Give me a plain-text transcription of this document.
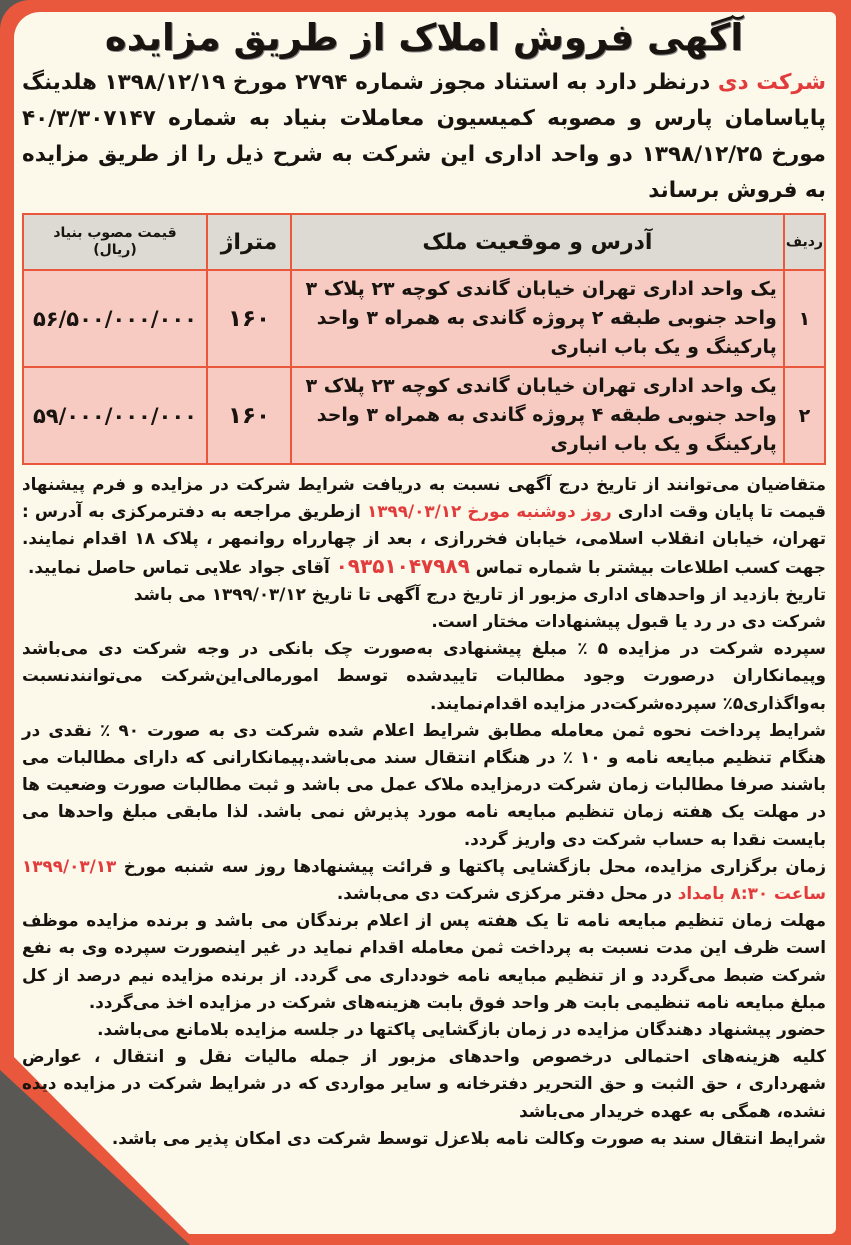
آگهی فروش املاک از طریق مزایده

شرکت دی درنظر دارد به استناد مجوز شماره ۲۷۹۴ مورخ ۱۳۹۸/۱۲/۱۹ هلدینگ پایاسامان پارس و مصوبه کمیسیون معاملات بنیاد به شماره ۴۰/۳/۳۰۷۱۴۷ مورخ ۱۳۹۸/۱۲/۲۵ دو واحد اداری این شرکت به شرح ذیل را از طریق مزایده به فروش برساند

ردیف	آدرس و موقعیت ملک	متراژ	قیمت مصوب بنیاد
(ریال)

۱	یک واحد اداری تهران خیابان گاندی کوچه ۲۳ پلاک ۳ واحد جنوبی طبقه ۲ پروژه گاندی به همراه ۳ واحد پارکینگ و یک باب انباری	۱۶۰	۵۶/۵۰۰/۰۰۰/۰۰۰
۲	یک واحد اداری تهران خیابان گاندی کوچه ۲۳ پلاک ۳ واحد جنوبی طبقه ۴ پروژه گاندی به همراه ۳ واحد پارکینگ و یک باب انباری	۱۶۰	۵۹/۰۰۰/۰۰۰/۰۰۰

متقاضیان می‌توانند از تاریخ درج آگهی نسبت به دریافت شرایط شرکت در مزایده و فرم پیشنهاد قیمت تا پایان وقت اداری روز دوشنبه مورخ ۱۳۹۹/۰۳/۱۲ ازطریق مراجعه به دفترمرکزی به آدرس : تهران، خیابان انقلاب اسلامی، خیابان فخررازی ، بعد از چهارراه روانمهر ، پلاک ۱۸ اقدام نمایند. جهت کسب اطلاعات بیشتر با شماره تماس ۰۹۳۵۱۰۴۷۹۸۹ آقای جواد علایی تماس حاصل نمایید.

تاریخ بازدید از واحدهای اداری مزبور از تاریخ درج آگهی تا تاریخ ۱۳۹۹/۰۳/۱۲ می باشد

شرکت دی در رد یا قبول پیشنهادات مختار است.

سپرده شرکت در مزایده ۵ ٪ مبلغ پیشنهادی به‌صورت چک بانکی در وجه شرکت دی می‌باشد وپیمانکاران درصورت وجود مطالبات تاییدشده توسط امورمالی‌این‌شرکت می‌توانندنسبت به‌واگذاری۵٪ سپرده‌شرکت‌در مزایده اقدام‌نمایند.

شرایط پرداخت نحوه ثمن معامله مطابق شرایط اعلام شده شرکت دی به صورت ۹۰ ٪ نقدی در هنگام تنظیم مبایعه نامه و ۱۰ ٪ در هنگام انتقال سند می‌باشد.پیمانکارانی که دارای مطالبات می باشند صرفا مطالبات زمان شرکت درمزایده ملاک عمل می باشد و ثبت مطالبات صورت وضعیت ها در مهلت یک هفته زمان تنظیم مبایعه نامه مورد پذیرش نمی باشد. لذا مابقی مبلغ واحدها می بایست نقدا به حساب شرکت دی واریز گردد.

زمان برگزاری مزایده، محل بازگشایی پاکتها و قرائت پیشنهادها روز سه شنبه مورخ ۱۳۹۹/۰۳/۱۳ ساعت ۸:۳۰ بامداد در محل دفتر مرکزی شرکت دی می‌باشد.

مهلت زمان تنظیم مبایعه نامه تا یک هفته پس از اعلام برندگان می باشد و برنده مزایده موظف است ظرف این مدت نسبت به پرداخت ثمن معامله اقدام نماید در غیر اینصورت سپرده وی به نفع شرکت ضبط می‌گردد و از تنظیم مبایعه نامه خودداری می گردد. از برنده مزایده نیم درصد از کل مبلغ مبایعه نامه تنظیمی بابت هر واحد فوق بابت هزینه‌های شرکت در مزایده اخذ می‌گردد.

حضور پیشنهاد دهندگان مزایده در زمان بازگشایی پاکتها در جلسه مزایده بلامانع می‌باشد.

کلیه هزینه‌های احتمالی درخصوص واحدهای مزبور از جمله مالیات نقل و انتقال ، عوارض شهرداری ، حق الثبت و حق التحریر دفترخانه و سایر مواردی که در شرایط شرکت در مزایده دیده نشده، همگی به عهده خریدار می‌باشد

شرایط انتقال سند به صورت وکالت نامه بلاعزل توسط شرکت دی امکان پذیر می باشد.
